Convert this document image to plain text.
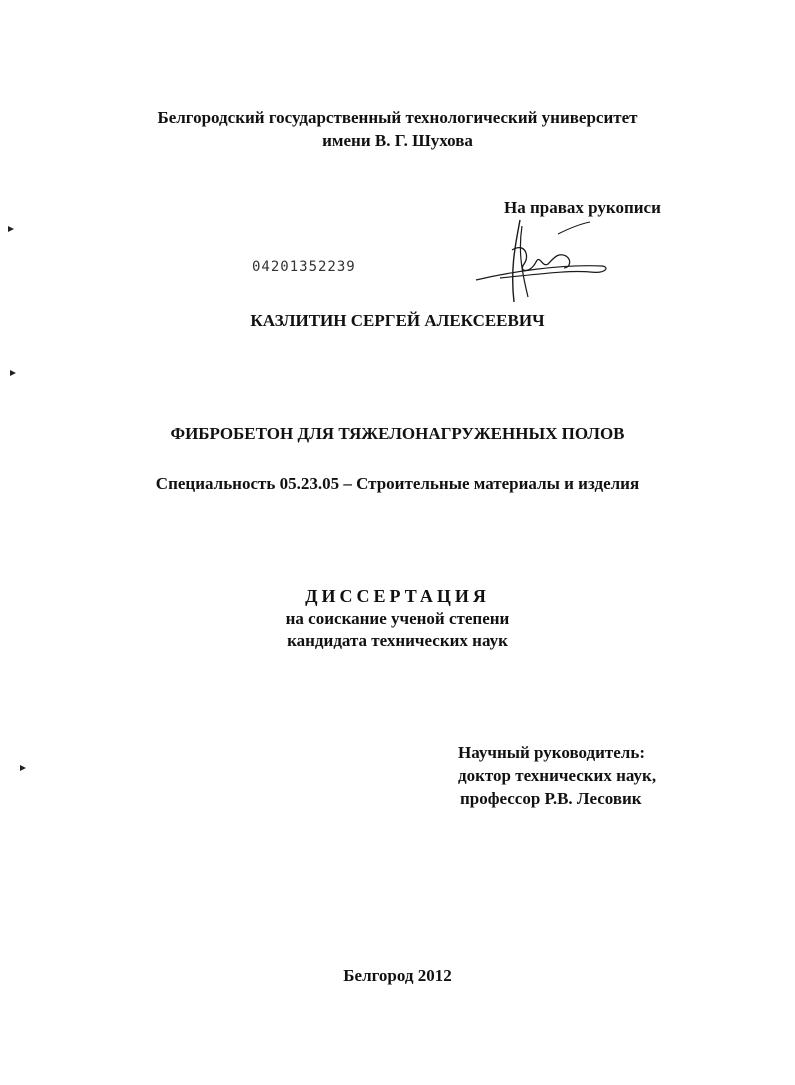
Белгородский государственный технологический университет
имени В. Г. Шухова
На правах рукописи
04201352239
КАЗЛИТИН СЕРГЕЙ АЛЕКСЕЕВИЧ
ФИБРОБЕТОН ДЛЯ ТЯЖЕЛОНАГРУЖЕННЫХ ПОЛОВ
Специальность 05.23.05 – Строительные материалы и изделия
ДИССЕРТАЦИЯ
на соискание ученой степени
кандидата технических наук
Научный руководитель:
доктор технических наук,
профессор Р.В. Лесовик
Белгород 2012
